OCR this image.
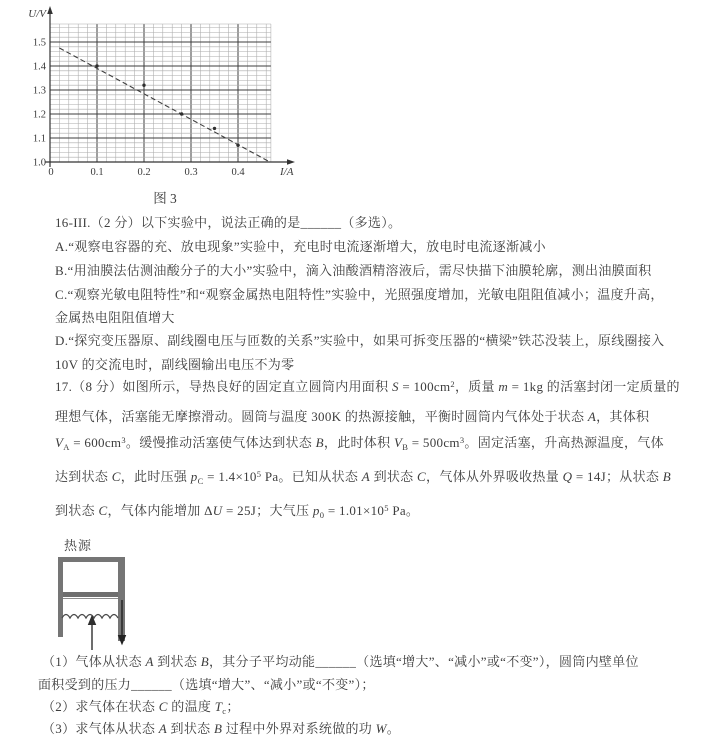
1.0
1.1
1.2
1.3
1.4
1.5
0	0.1	0.2	0.3	0.4
U/V
I/A
图 3
16-III.（2 分）以下实验中，说法正确的是______（多选）。
A.“观察电容器的充、放电现象”实验中，充电时电流逐渐增大，放电时电流逐渐减小
B.“用油膜法估测油酸分子的大小”实验中，滴入油酸酒精溶液后，需尽快描下油膜轮廓，测出油膜面积
C.“观察光敏电阻特性”和“观察金属热电阻特性”实验中，光照强度增加，光敏电阻阻值减小；温度升高，
金属热电阻阻值增大
D.“探究变压器原、副线圈电压与匝数的关系”实验中，如果可拆变压器的“横梁”铁芯没装上，原线圈接入
10V 的交流电时，副线圈输出电压不为零
17.（8 分）如图所示，导热良好的固定直立圆筒内用面积 $S = 100cm^2$，质量 m = 1kg 的活塞封闭一定质量的
理想气体，活塞能无摩擦滑动。圆筒与温度 300K 的热源接触，平衡时圆筒内气体处于状态 A，其体积
$V_A = 600cm^3$。缓慢推动活塞使气体达到状态 B，此时体积 $V_B = 500cm^3$。固定活塞，升高热源温度，气体
达到状态 C，此时压强 $p_C = 1.4\times 10^5$ Pa。已知从状态 A 到状态 C，气体从外界吸收热量 Q = 14J；从状态 B
到状态 C，气体内能增加 ΔU = 25J；大气压 $p_0 = 1.01\times 10^5$ Pa。
热源
（1）气体从状态 A 到状态 B，其分子平均动能______（选填“增大”、“减小”或“不变”），圆筒内壁单位
面积受到的压力______（选填“增大”、“减小”或“不变”）；
（2）求气体在状态 C 的温度 $T_c$；
（3）求气体从状态 A 到状态 B 过程中外界对系统做的功 W。
